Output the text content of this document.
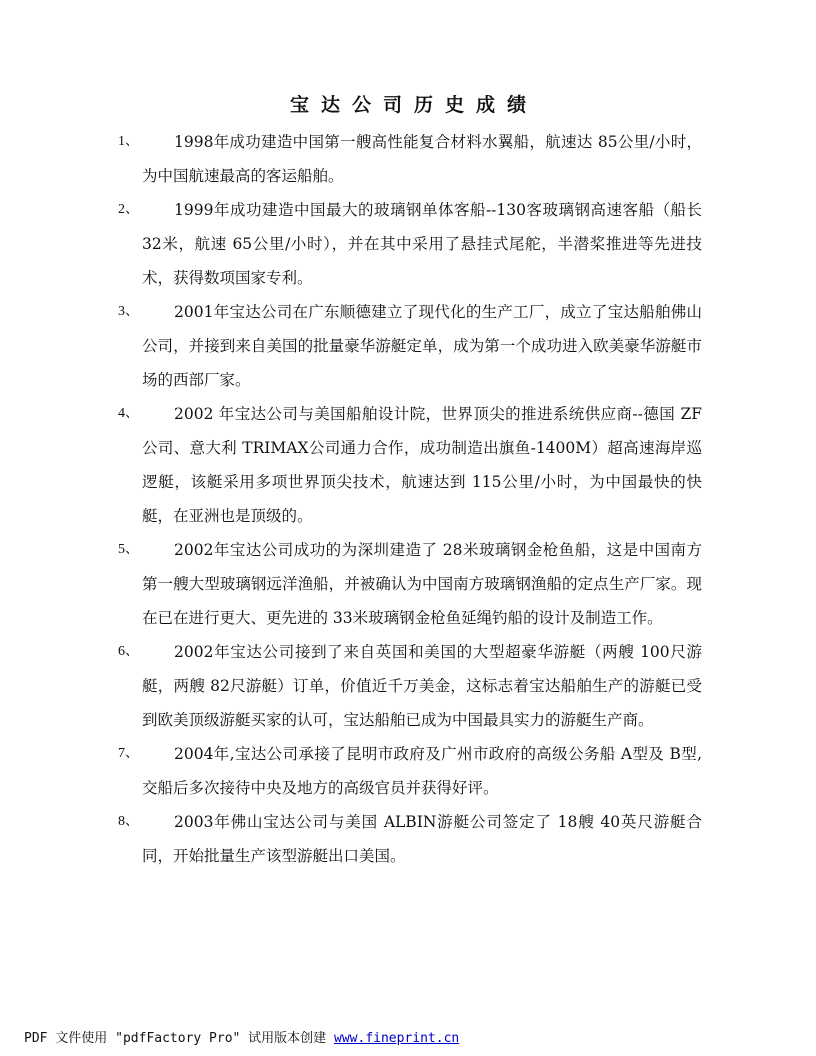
宝达公司历史成绩
1、	1998年成功建造中国第一艘高性能复合材料水翼船，航速达 85公里/小时，为中国航速最高的客运船舶。
2、	1999年成功建造中国最大的玻璃钢单体客船--130客玻璃钢高速客船（船长 32米，航速 65公里/小时），并在其中采用了悬挂式尾舵，半潜桨推进等先进技术，获得数项国家专利。
3、	2001年宝达公司在广东顺德建立了现代化的生产工厂，成立了宝达船舶佛山公司，并接到来自美国的批量豪华游艇定单，成为第一个成功进入欧美豪华游艇市场的西部厂家。
4、	2002 年宝达公司与美国船舶设计院，世界顶尖的推进系统供应商--德国 ZF公司、意大利 TRIMAX公司通力合作，成功制造出旗鱼-1400M）超高速海岸巡逻艇，该艇采用多项世界顶尖技术，航速达到 115公里/小时，为中国最快的快艇，在亚洲也是顶级的。
5、	2002年宝达公司成功的为深圳建造了 28米玻璃钢金枪鱼船，这是中国南方第一艘大型玻璃钢远洋渔船，并被确认为中国南方玻璃钢渔船的定点生产厂家。现在已在进行更大、更先进的 33米玻璃钢金枪鱼延绳钓船的设计及制造工作。
6、	2002年宝达公司接到了来自英国和美国的大型超豪华游艇（两艘 100尺游艇，两艘 82尺游艇）订单，价值近千万美金，这标志着宝达船舶生产的游艇已受到欧美顶级游艇买家的认可，宝达船舶已成为中国最具实力的游艇生产商。
7、	2004年,宝达公司承接了昆明市政府及广州市政府的高级公务船 A型及 B型,交船后多次接待中央及地方的高级官员并获得好评。
8、	2003年佛山宝达公司与美国 ALBIN游艇公司签定了 18艘 40英尺游艇合同，开始批量生产该型游艇出口美国。
PDF 文件使用 "pdfFactory Pro" 试用版本创建 www.fineprint.cn
